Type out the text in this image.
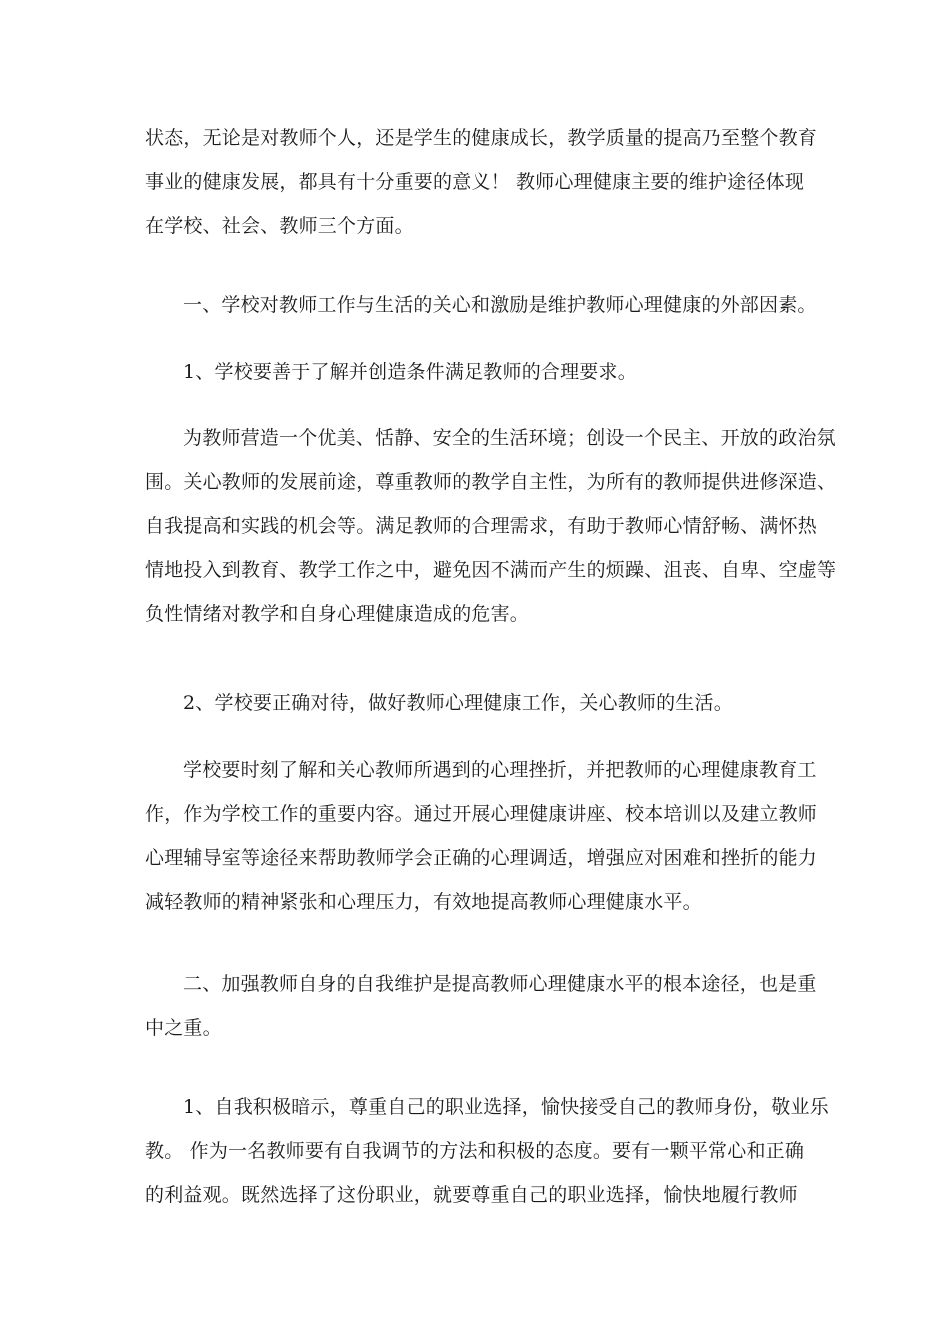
状态，无论是对教师个人，还是学生的健康成长，教学质量的提高乃至整个教育
事业的健康发展，都具有十分重要的意义！ 教师心理健康主要的维护途径体现
在学校、社会、教师三个方面。
一、学校对教师工作与生活的关心和激励是维护教师心理健康的外部因素。
1、学校要善于了解并创造条件满足教师的合理要求。
为教师营造一个优美、恬静、安全的生活环境；创设一个民主、开放的政治氛
围。关心教师的发展前途，尊重教师的教学自主性，为所有的教师提供进修深造、
自我提高和实践的机会等。满足教师的合理需求，有助于教师心情舒畅、满怀热
情地投入到教育、教学工作之中，避免因不满而产生的烦躁、沮丧、自卑、空虚等
负性情绪对教学和自身心理健康造成的危害。
2、学校要正确对待，做好教师心理健康工作，关心教师的生活。
学校要时刻了解和关心教师所遇到的心理挫折，并把教师的心理健康教育工
作，作为学校工作的重要内容。通过开展心理健康讲座、校本培训以及建立教师
心理辅导室等途径来帮助教师学会正确的心理调适，增强应对困难和挫折的能力
减轻教师的精神紧张和心理压力，有效地提高教师心理健康水平。
二、加强教师自身的自我维护是提高教师心理健康水平的根本途径，也是重
中之重。
1、自我积极暗示，尊重自己的职业选择，愉快接受自己的教师身份，敬业乐
教。 作为一名教师要有自我调节的方法和积极的态度。要有一颗平常心和正确
的利益观。既然选择了这份职业，就要尊重自己的职业选择，愉快地履行教师
